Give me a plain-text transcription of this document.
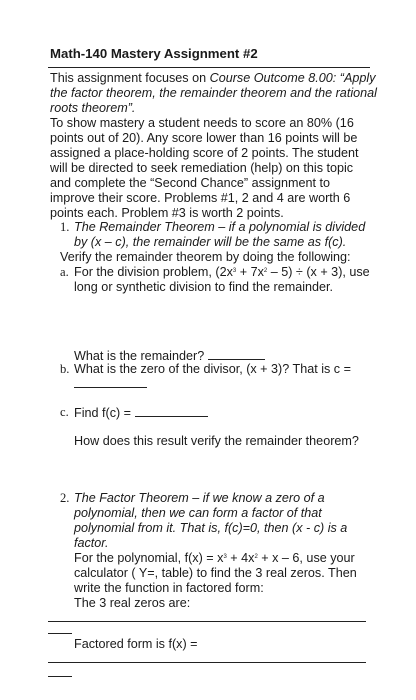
Math-140 Mastery Assignment #2
This assignment focuses on Course Outcome 8.00: “Apply
the factor theorem, the remainder theorem and the rational
roots theorem”.
To show mastery a student needs to score an 80% (16
points out of 20). Any score lower than 16 points will be
assigned a place-holding score of 2 points. The student
will be directed to seek remediation (help) on this topic
and complete the “Second Chance” assignment to
improve their score. Problems #1, 2 and 4 are worth 6
points each. Problem #3 is worth 2 points.
1. The Remainder Theorem – if a polynomial is divided
by (x – c), the remainder will be the same as f(c).
Verify the remainder theorem by doing the following:
a. For the division problem, $(2x^3 + 7x^2 - 5) \div (x + 3)$, use
long or synthetic division to find the remainder.
What is the remainder?
b. What is the zero of the divisor, (x + 3)? That is c =
c. Find f(c) =
How does this result verify the remainder theorem?
2. The Factor Theorem – if we know a zero of a
polynomial, then we can form a factor of that
polynomial from it. That is, f(c)=0, then (x - c) is a
factor.
For the polynomial, $f(x) = x^3 + 4x^2 + x - 6$, use your
calculator ( Y=, table) to find the 3 real zeros. Then
write the function in factored form:
The 3 real zeros are:
Factored form is f(x) =
